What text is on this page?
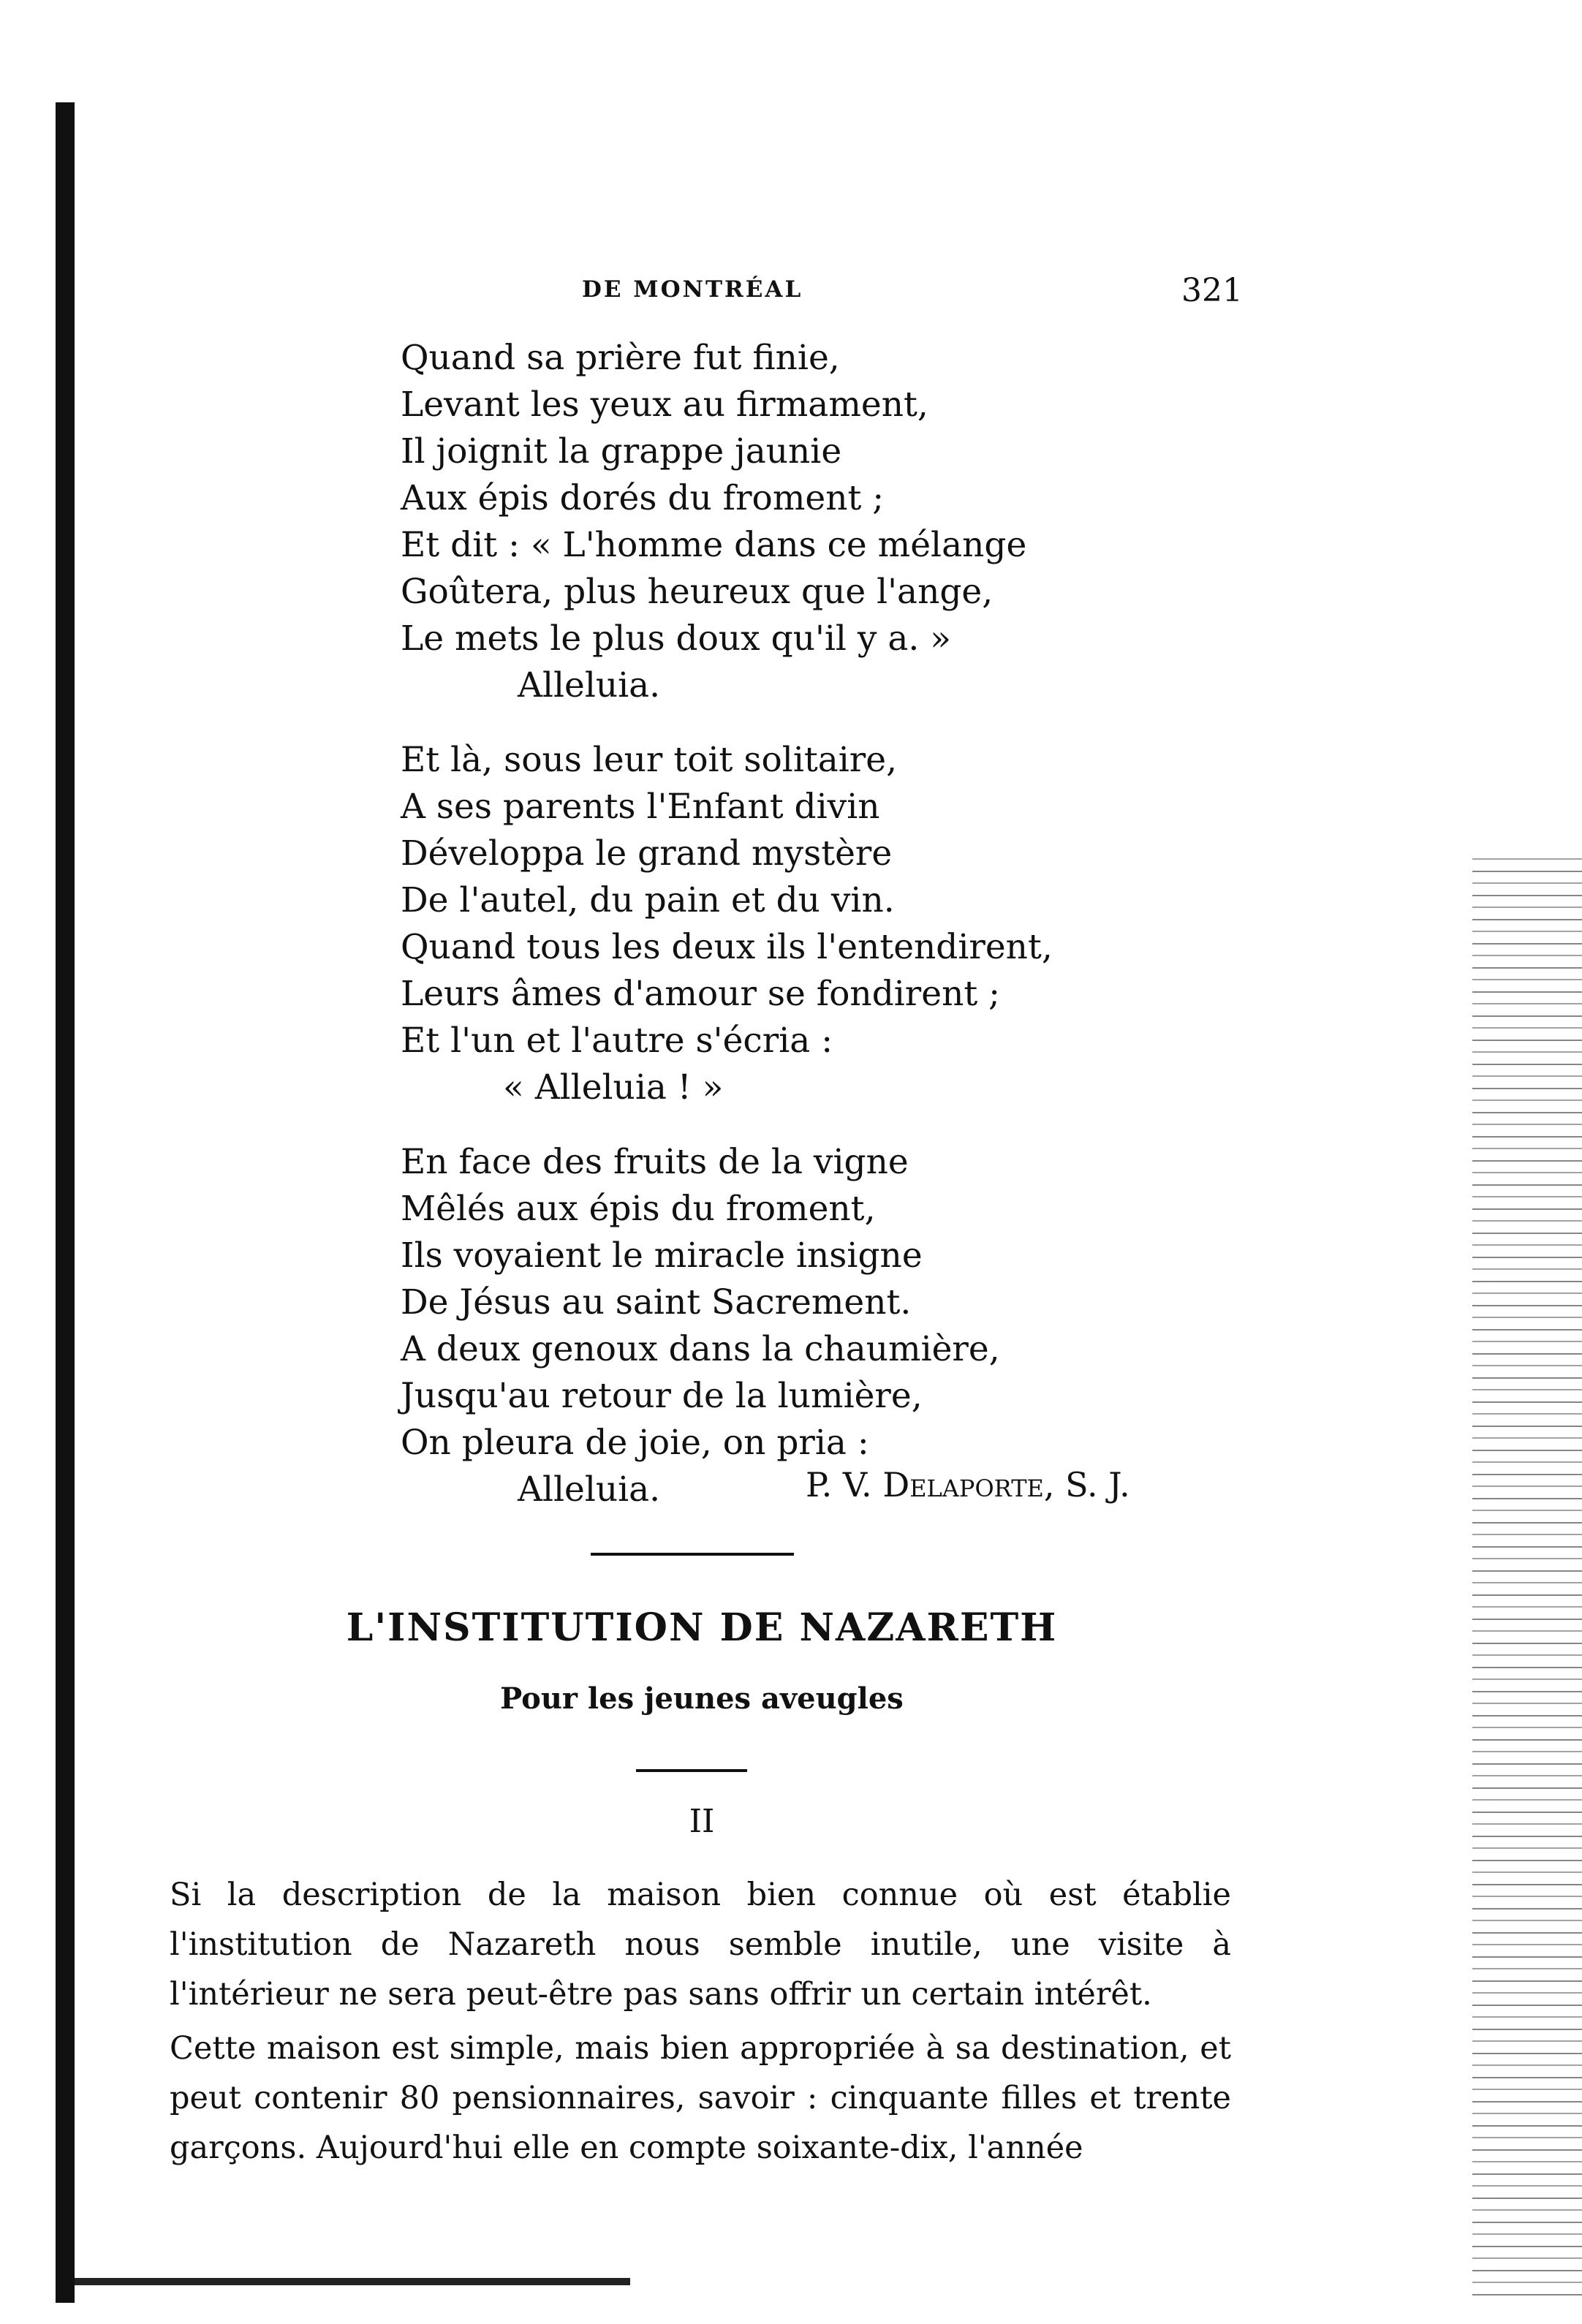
DE MONTRÉAL	321
Quand sa prière fut finie,
Levant les yeux au firmament,
Il joignit la grappe jaunie
Aux épis dorés du froment ;
Et dit : « L'homme dans ce mélange
Goûtera, plus heureux que l'ange,
Le mets le plus doux qu'il y a. »
Alleluia.
Et là, sous leur toit solitaire,
A ses parents l'Enfant divin
Développa le grand mystère
De l'autel, du pain et du vin.
Quand tous les deux ils l'entendirent,
Leurs âmes d'amour se fondirent ;
Et l'un et l'autre s'écria :
« Alleluia ! »
En face des fruits de la vigne
Mêlés aux épis du froment,
Ils voyaient le miracle insigne
De Jésus au saint Sacrement.
A deux genoux dans la chaumière,
Jusqu'au retour de la lumière,
On pleura de joie, on pria :
Alleluia.	P. V. Delaporte, S. J.
L'INSTITUTION DE NAZARETH
Pour les jeunes aveugles
II

Si la description de la maison bien connue où est établie l'institution de Nazareth nous semble inutile, une visite à l'intérieur ne sera peut-être pas sans offrir un certain intérêt.

Cette maison est simple, mais bien appropriée à sa destination, et peut contenir 80 pensionnaires, savoir : cinquante filles et trente garçons. Aujourd'hui elle en compte soixante-dix, l'année
